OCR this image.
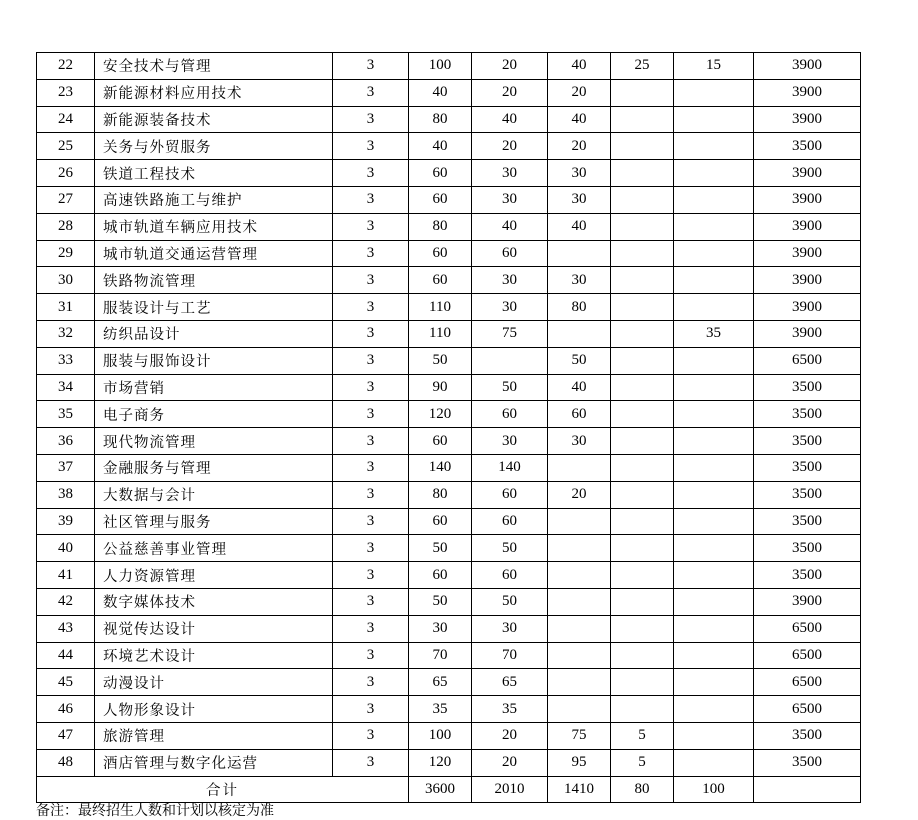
22	安全技术与管理	3	100	20	40	25	15	3900
23	新能源材料应用技术	3	40	20	20			3900
24	新能源装备技术	3	80	40	40			3900
25	关务与外贸服务	3	40	20	20			3500
26	铁道工程技术	3	60	30	30			3900
27	高速铁路施工与维护	3	60	30	30			3900
28	城市轨道车辆应用技术	3	80	40	40			3900
29	城市轨道交通运营管理	3	60	60				3900
30	铁路物流管理	3	60	30	30			3900
31	服装设计与工艺	3	110	30	80			3900
32	纺织品设计	3	110	75			35	3900
33	服装与服饰设计	3	50		50			6500
34	市场营销	3	90	50	40			3500
35	电子商务	3	120	60	60			3500
36	现代物流管理	3	60	30	30			3500
37	金融服务与管理	3	140	140				3500
38	大数据与会计	3	80	60	20			3500
39	社区管理与服务	3	60	60				3500
40	公益慈善事业管理	3	50	50				3500
41	人力资源管理	3	60	60				3500
42	数字媒体技术	3	50	50				3900
43	视觉传达设计	3	30	30				6500
44	环境艺术设计	3	70	70				6500
45	动漫设计	3	65	65				6500
46	人物形象设计	3	35	35				6500
47	旅游管理	3	100	20	75	5		3500
48	酒店管理与数字化运营	3	120	20	95	5		3500
合计			3600	2010	1410	80	100	
备注：最终招生人数和计划以核定为准
